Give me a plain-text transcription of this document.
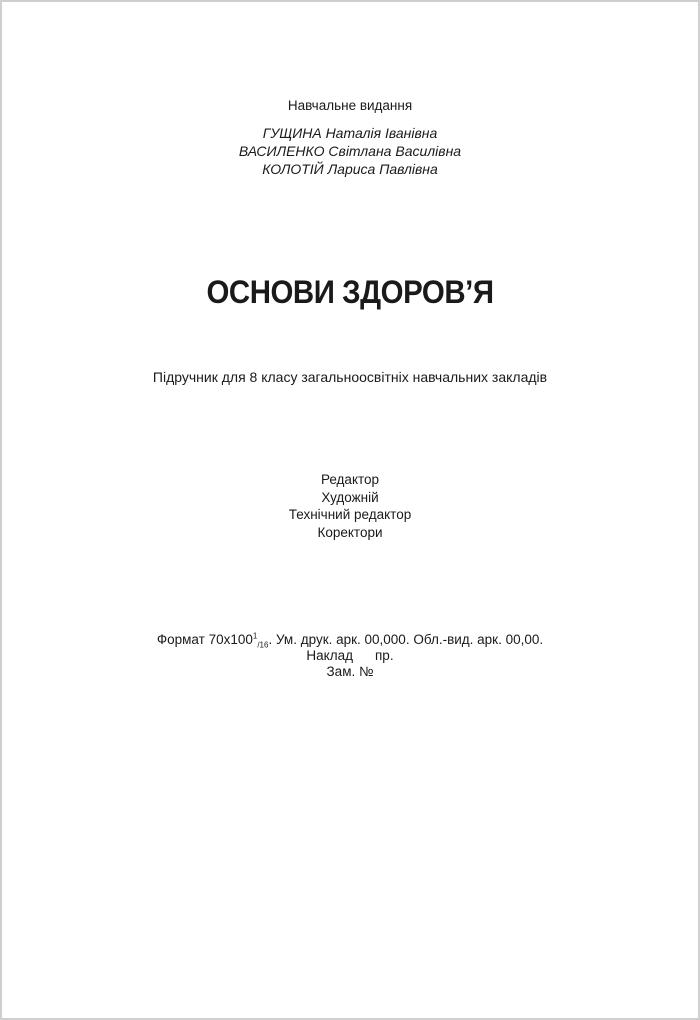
Навчальне видання
ГУЩИНА Наталія Іванівна
ВАСИЛЕНКО Світлана Василівна
КОЛОТІЙ Лариса Павлівна
ОСНОВИ ЗДОРОВ’Я
Підручник для 8 класу загальноосвітніх навчальних закладів
Редактор
Художній
Технічний редактор
Коректори
Формат $70х100^1_{/16}$. Ум. друк. арк. 00,000. Обл.-вид. арк. 00,00.
Наклад пр.
Зам. №
